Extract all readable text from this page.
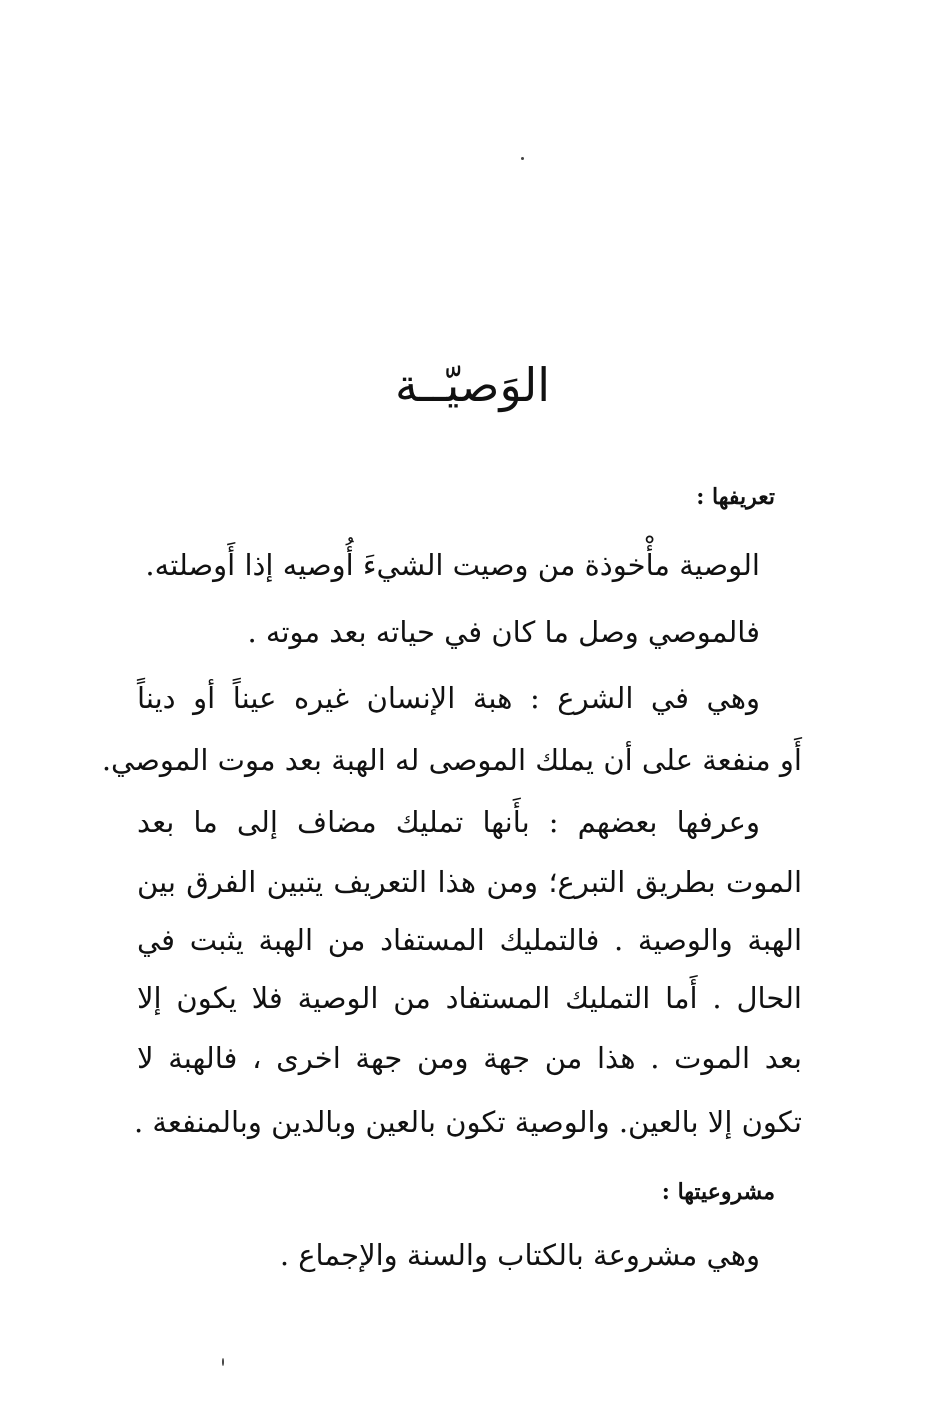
الوَصيّــة
تعريفها :
الوصية مأْخوذة من وصيت الشيءَ أُوصيه إذا أَوصلته.
فالموصي وصل ما كان في حياته بعد موته .
وهي في الشرع : هبة الإنسان غيره عيناً أو ديناً
أَو منفعة على أن يملك الموصى له الهبة بعد موت الموصي.
وعرفها بعضهم : بأَنها تمليك مضاف إلى ما بعد
الموت بطريق التبرع؛ ومن هذا التعريف يتبين الفرق بين
الهبة والوصية . فالتمليك المستفاد من الهبة يثبت في
الحال . أَما التمليك المستفاد من الوصية فلا يكون إلا
بعد الموت . هذا من جهة ومن جهة اخرى ، فالهبة لا
تكون إلا بالعين. والوصية تكون بالعين وبالدين وبالمنفعة .
مشروعيتها :
وهي مشروعة بالكتاب والسنة والإجماع .
